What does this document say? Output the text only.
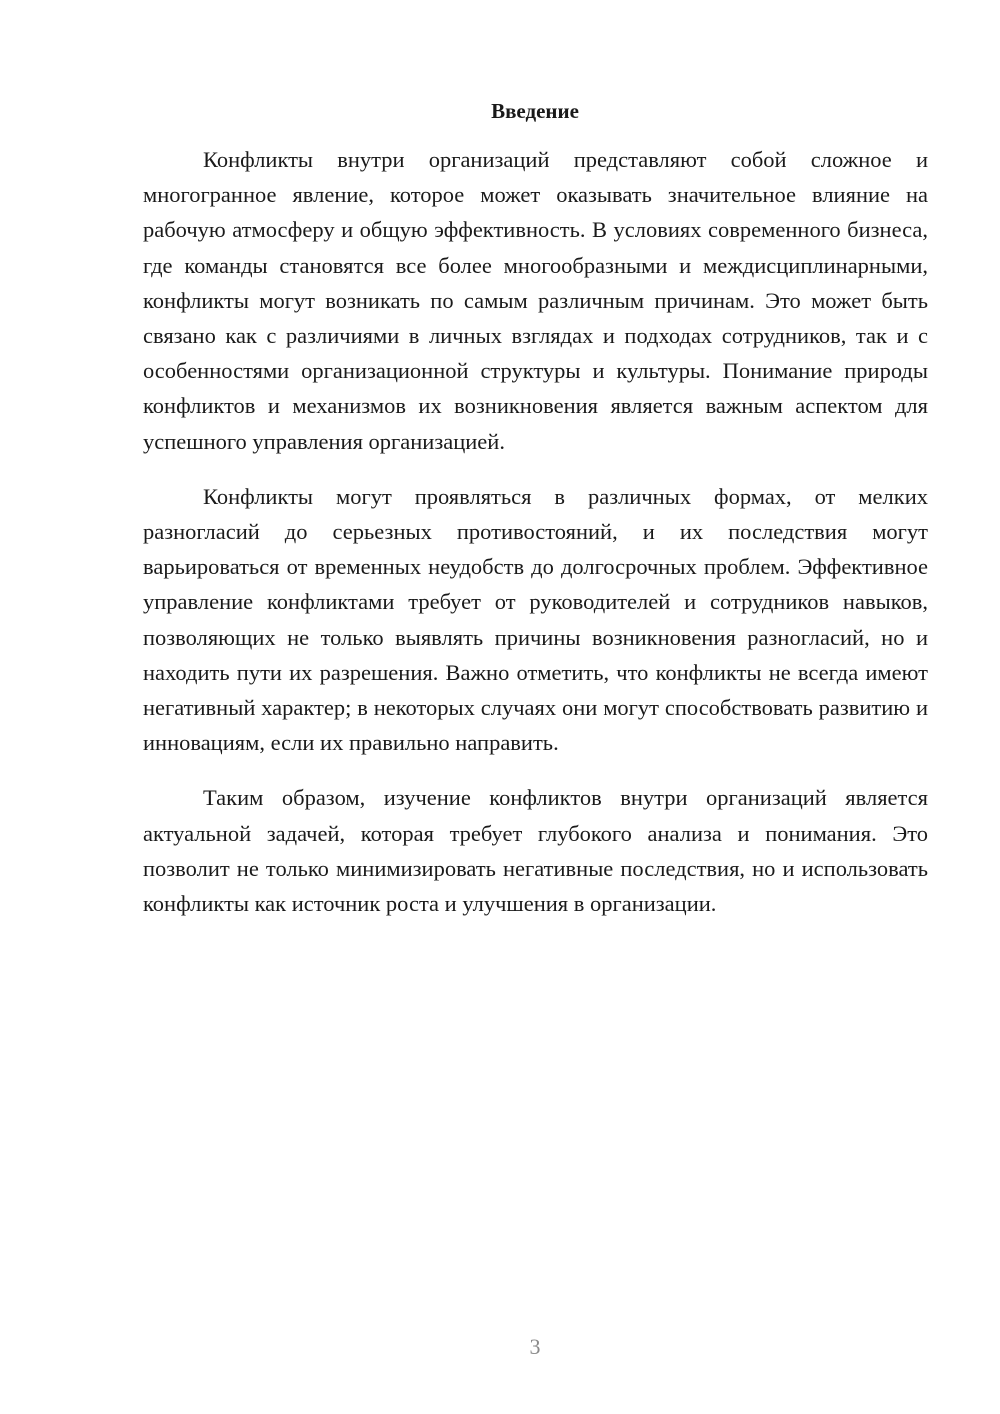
Введение

Конфликты внутри организаций представляют собой сложное и многогранное явление, которое может оказывать значительное влияние на рабочую атмосферу и общую эффективность. В условиях современного бизнеса, где команды становятся все более многообразными и междисциплинарными, конфликты могут возникать по самым различным причинам. Это может быть связано как с различиями в личных взглядах и подходах сотрудников, так и с особенностями организационной структуры и культуры. Понимание природы конфликтов и механизмов их возникновения является важным аспектом для успешного управления организацией.

Конфликты могут проявляться в различных формах, от мелких разногласий до серьезных противостояний, и их последствия могут варьироваться от временных неудобств до долгосрочных проблем. Эффективное управление конфликтами требует от руководителей и сотрудников навыков, позволяющих не только выявлять причины возникновения разногласий, но и находить пути их разрешения. Важно отметить, что конфликты не всегда имеют негативный характер; в некоторых случаях они могут способствовать развитию и инновациям, если их правильно направить.

Таким образом, изучение конфликтов внутри организаций является актуальной задачей, которая требует глубокого анализа и понимания. Это позволит не только минимизировать негативные последствия, но и использовать конфликты как источник роста и улучшения в организации.

3
